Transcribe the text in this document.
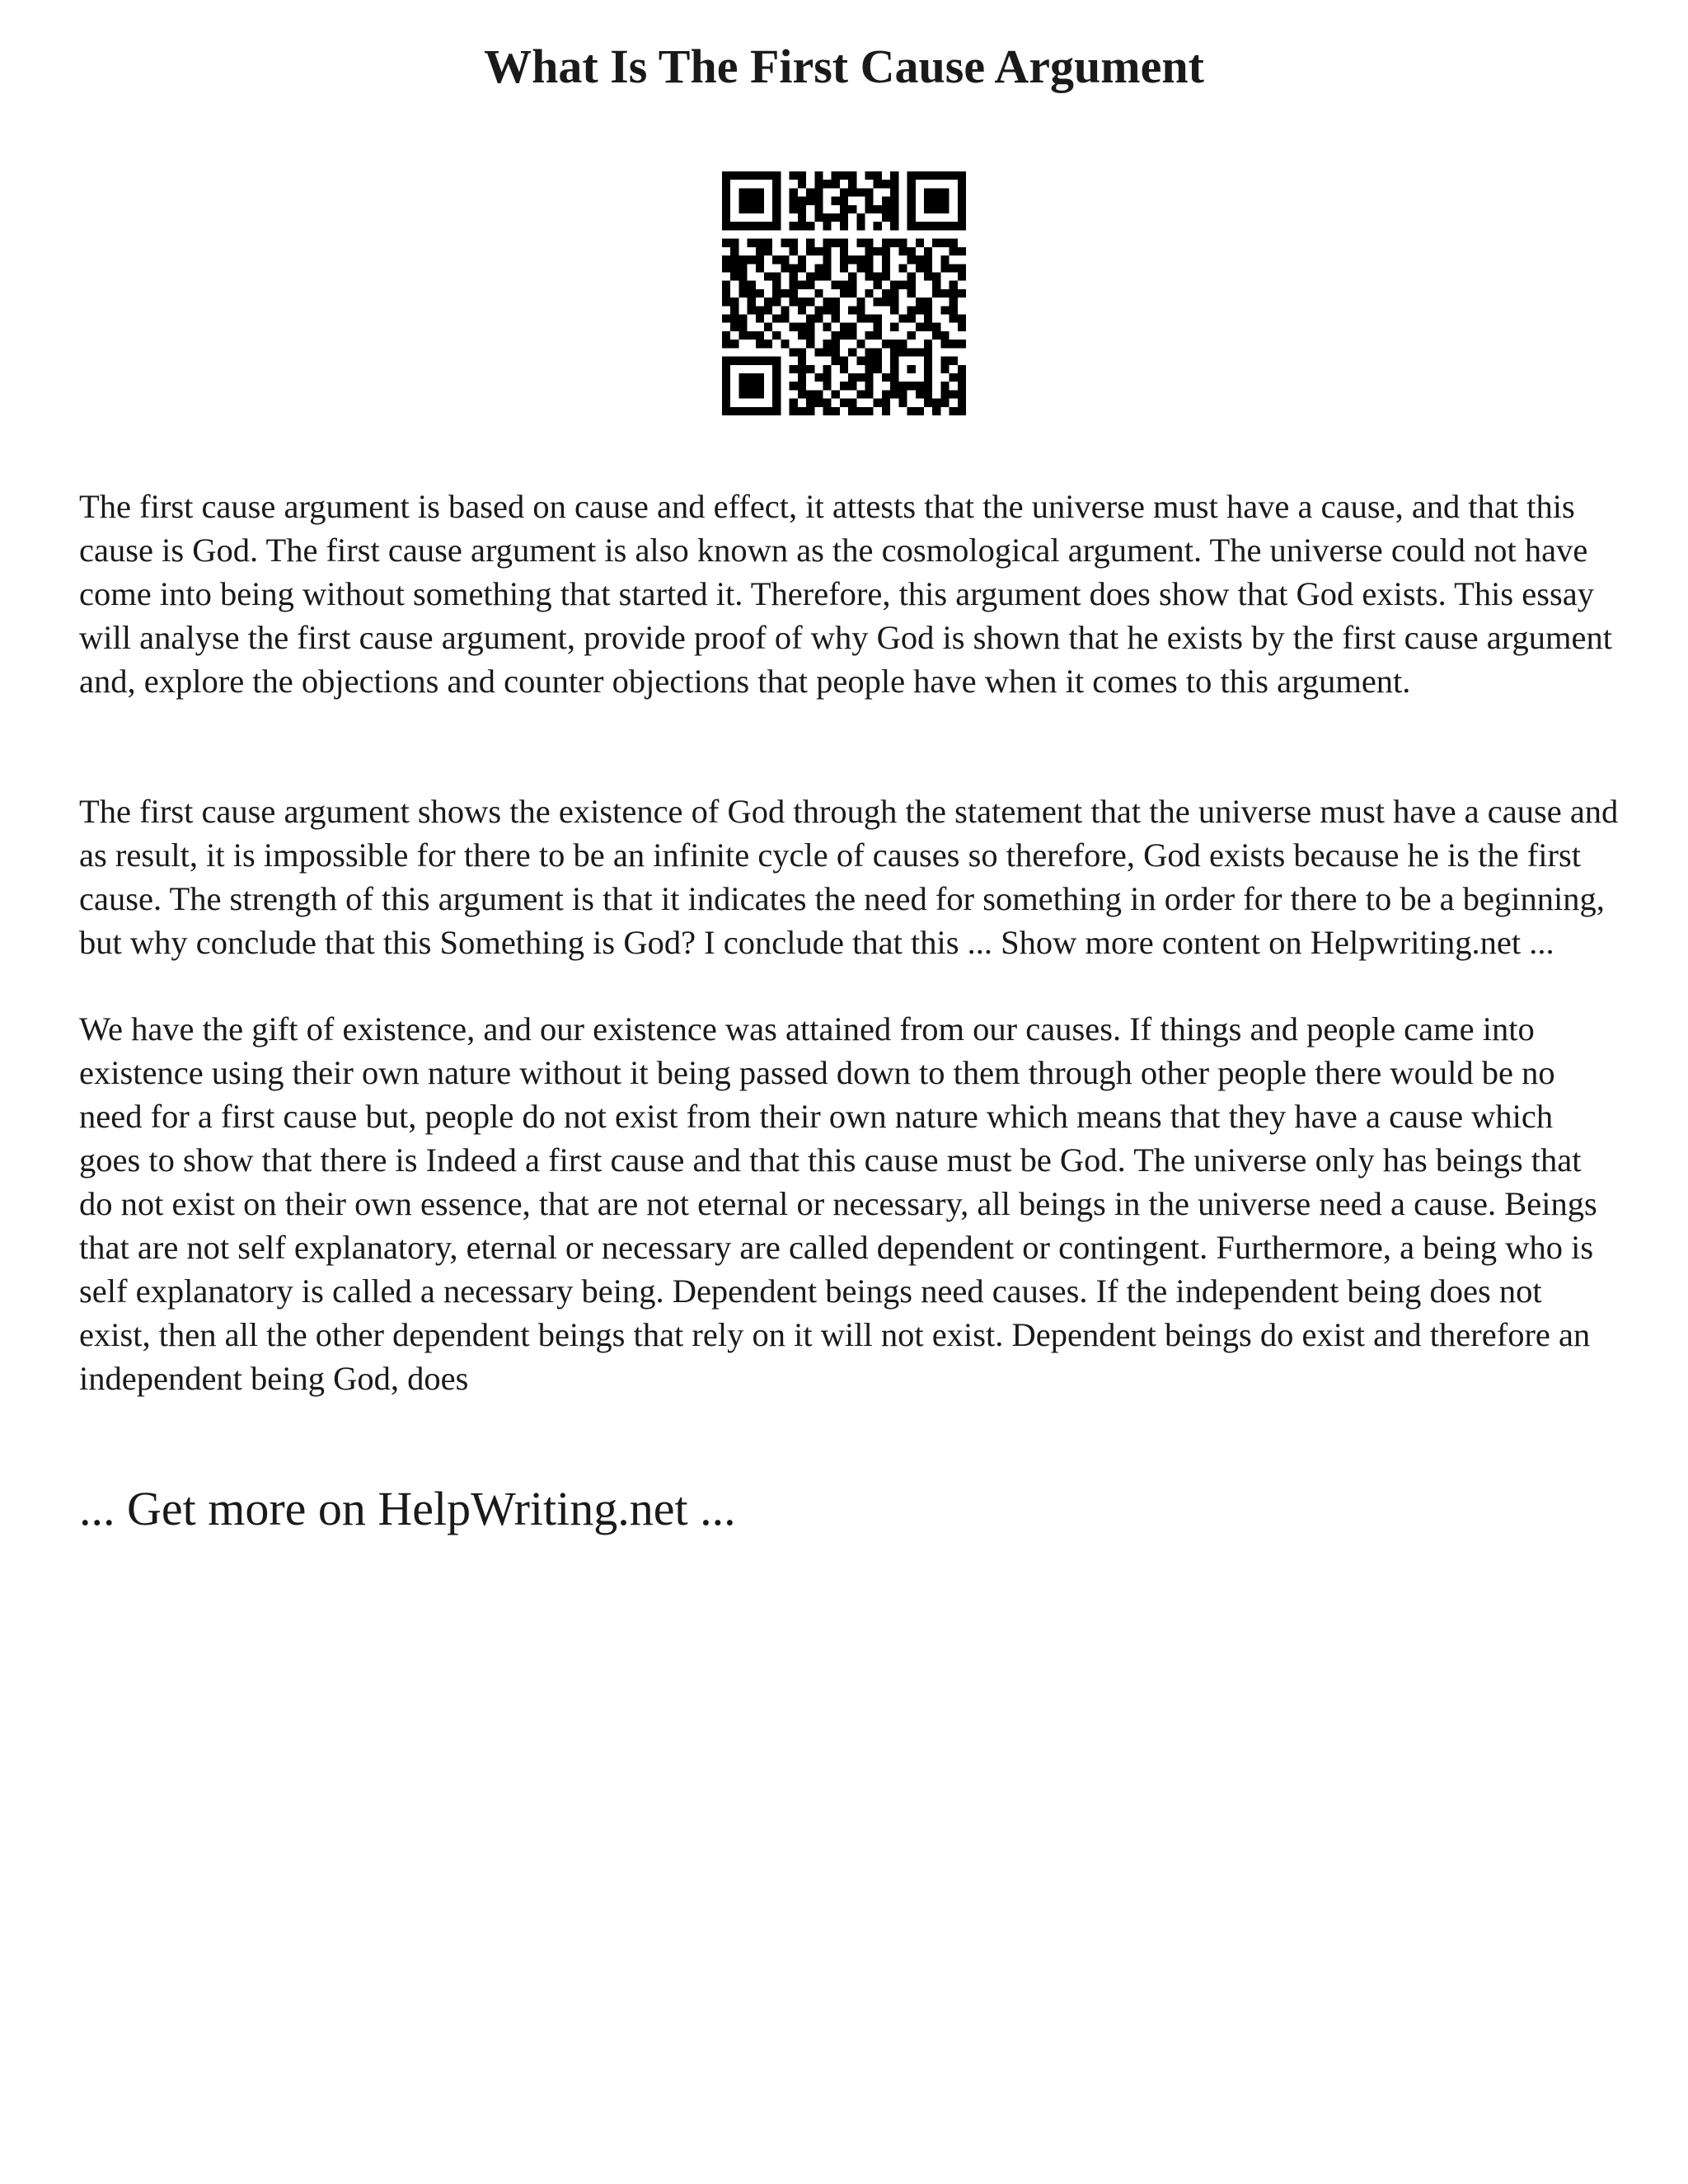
What Is The First Cause Argument

The first cause argument is based on cause and effect, it attests that the universe must have a cause, and that this cause is God. The first cause argument is also known as the cosmological argument. The universe could not have come into being without something that started it. Therefore, this argument does show that God exists. This essay will analyse the first cause argument, provide proof of why God is shown that he exists by the first cause argument and, explore the objections and counter objections that people have when it comes to this argument.

The first cause argument shows the existence of God through the statement that the universe must have a cause and as result, it is impossible for there to be an infinite cycle of causes so therefore, God exists because he is the first cause. The strength of this argument is that it indicates the need for something in order for there to be a beginning, but why conclude that this Something is God? I conclude that this ... Show more content on Helpwriting.net ...

We have the gift of existence, and our existence was attained from our causes. If things and people came into existence using their own nature without it being passed down to them through other people there would be no need for a first cause but, people do not exist from their own nature which means that they have a cause which goes to show that there is Indeed a first cause and that this cause must be God. The universe only has beings that do not exist on their own essence, that are not eternal or necessary, all beings in the universe need a cause. Beings that are not self explanatory, eternal or necessary are called dependent or contingent. Furthermore, a being who is self explanatory is called a necessary being. Dependent beings need causes. If the independent being does not exist, then all the other dependent beings that rely on it will not exist. Dependent beings do exist and therefore an independent being God, does

... Get more on HelpWriting.net ...
